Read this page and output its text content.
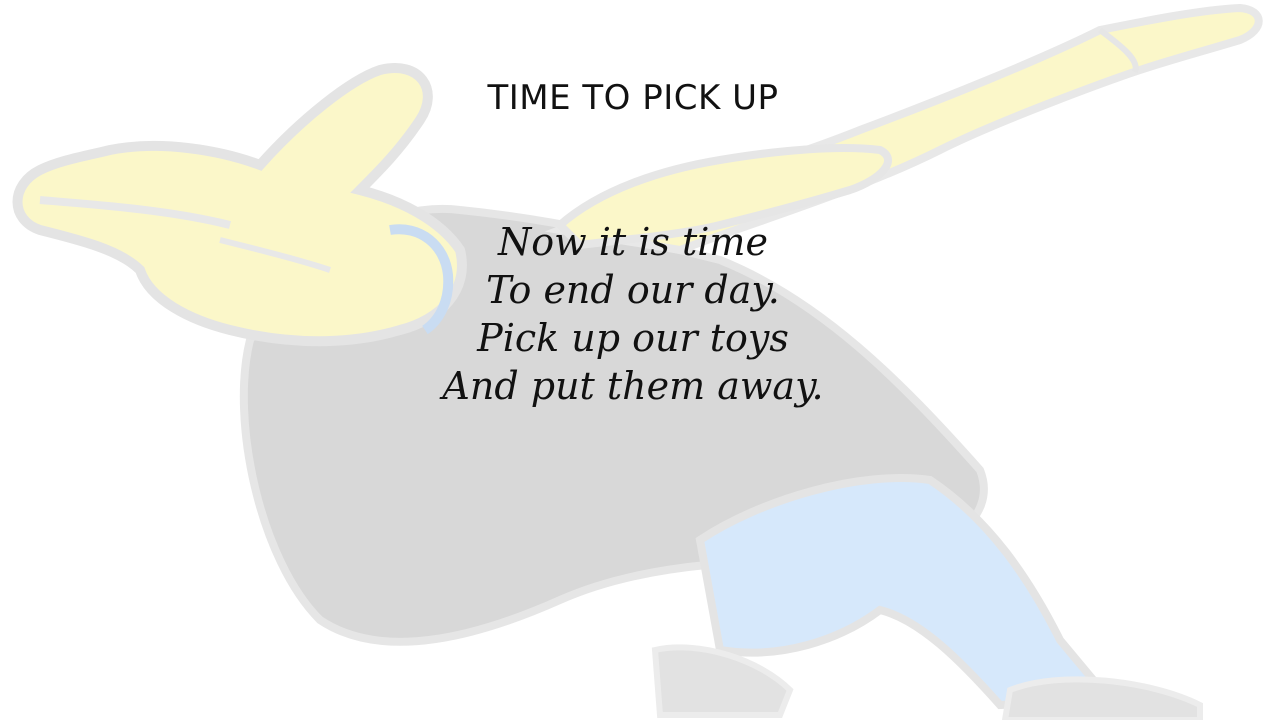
TIME TO PICK UP
Now it is time
To end our day.
Pick up our toys
And put them away.
